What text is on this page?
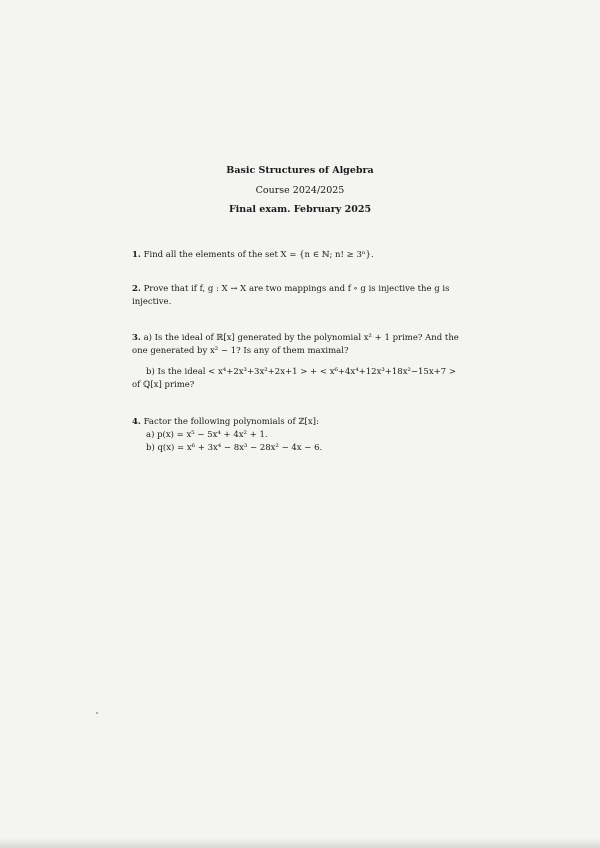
Basic Structures of Algebra
Course 2024/2025
Final exam. February 2025
1. Find all the elements of the set X = {n ∈ ℕ; n! ≥ 3ⁿ}.
2. Prove that if f, g : X → X are two mappings and f ∘ g is injective the g is injective.
3. a) Is the ideal of ℝ[x] generated by the polynomial x² + 1 prime? And the one generated by x² − 1? Is any of them maximal?
b) Is the ideal < x⁴+2x³+3x²+2x+1 > + < x⁶+4x⁴+12x³+18x²−15x+7 > of ℚ[x] prime?
4. Factor the following polynomials of ℤ[x]:
a) p(x) = x⁵ − 5x⁴ + 4x² + 1.
b) q(x) = x⁶ + 3x⁴ − 8x³ − 28x² − 4x − 6.
